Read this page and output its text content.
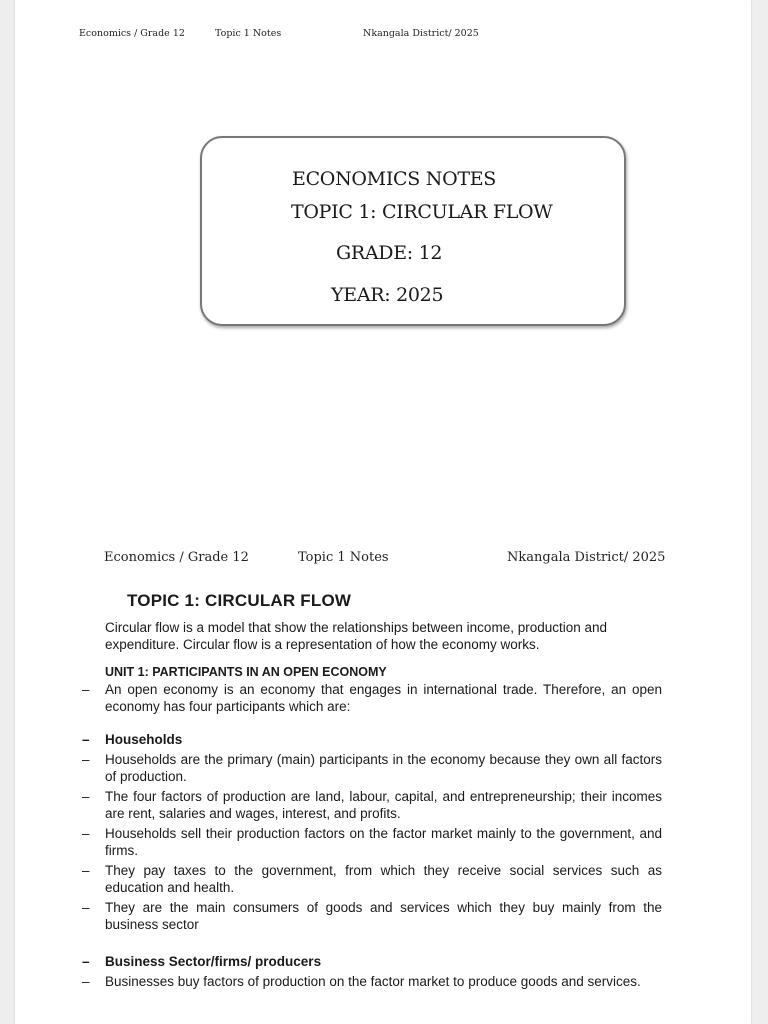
Economics / Grade 12	Topic 1 Notes	Nkangala District/ 2025
ECONOMICS NOTES
TOPIC 1: CIRCULAR FLOW
GRADE: 12
YEAR: 2025
Economics / Grade 12	Topic 1 Notes	Nkangala District/ 2025
TOPIC 1: CIRCULAR FLOW
Circular flow is a model that show the relationships between income, production and expenditure. Circular flow is a representation of how the economy works.
UNIT 1: PARTICIPANTS IN AN OPEN ECONOMY
– An open economy is an economy that engages in international trade. Therefore, an open economy has four participants which are:
– Households
– Households are the primary (main) participants in the economy because they own all factors of production.
– The four factors of production are land, labour, capital, and entrepreneurship; their incomes are rent, salaries and wages, interest, and profits.
– Households sell their production factors on the factor market mainly to the government, and firms.
– They pay taxes to the government, from which they receive social services such as education and health.
– They are the main consumers of goods and services which they buy mainly from the business sector
– Business Sector/firms/ producers
– Businesses buy factors of production on the factor market to produce goods and services.
